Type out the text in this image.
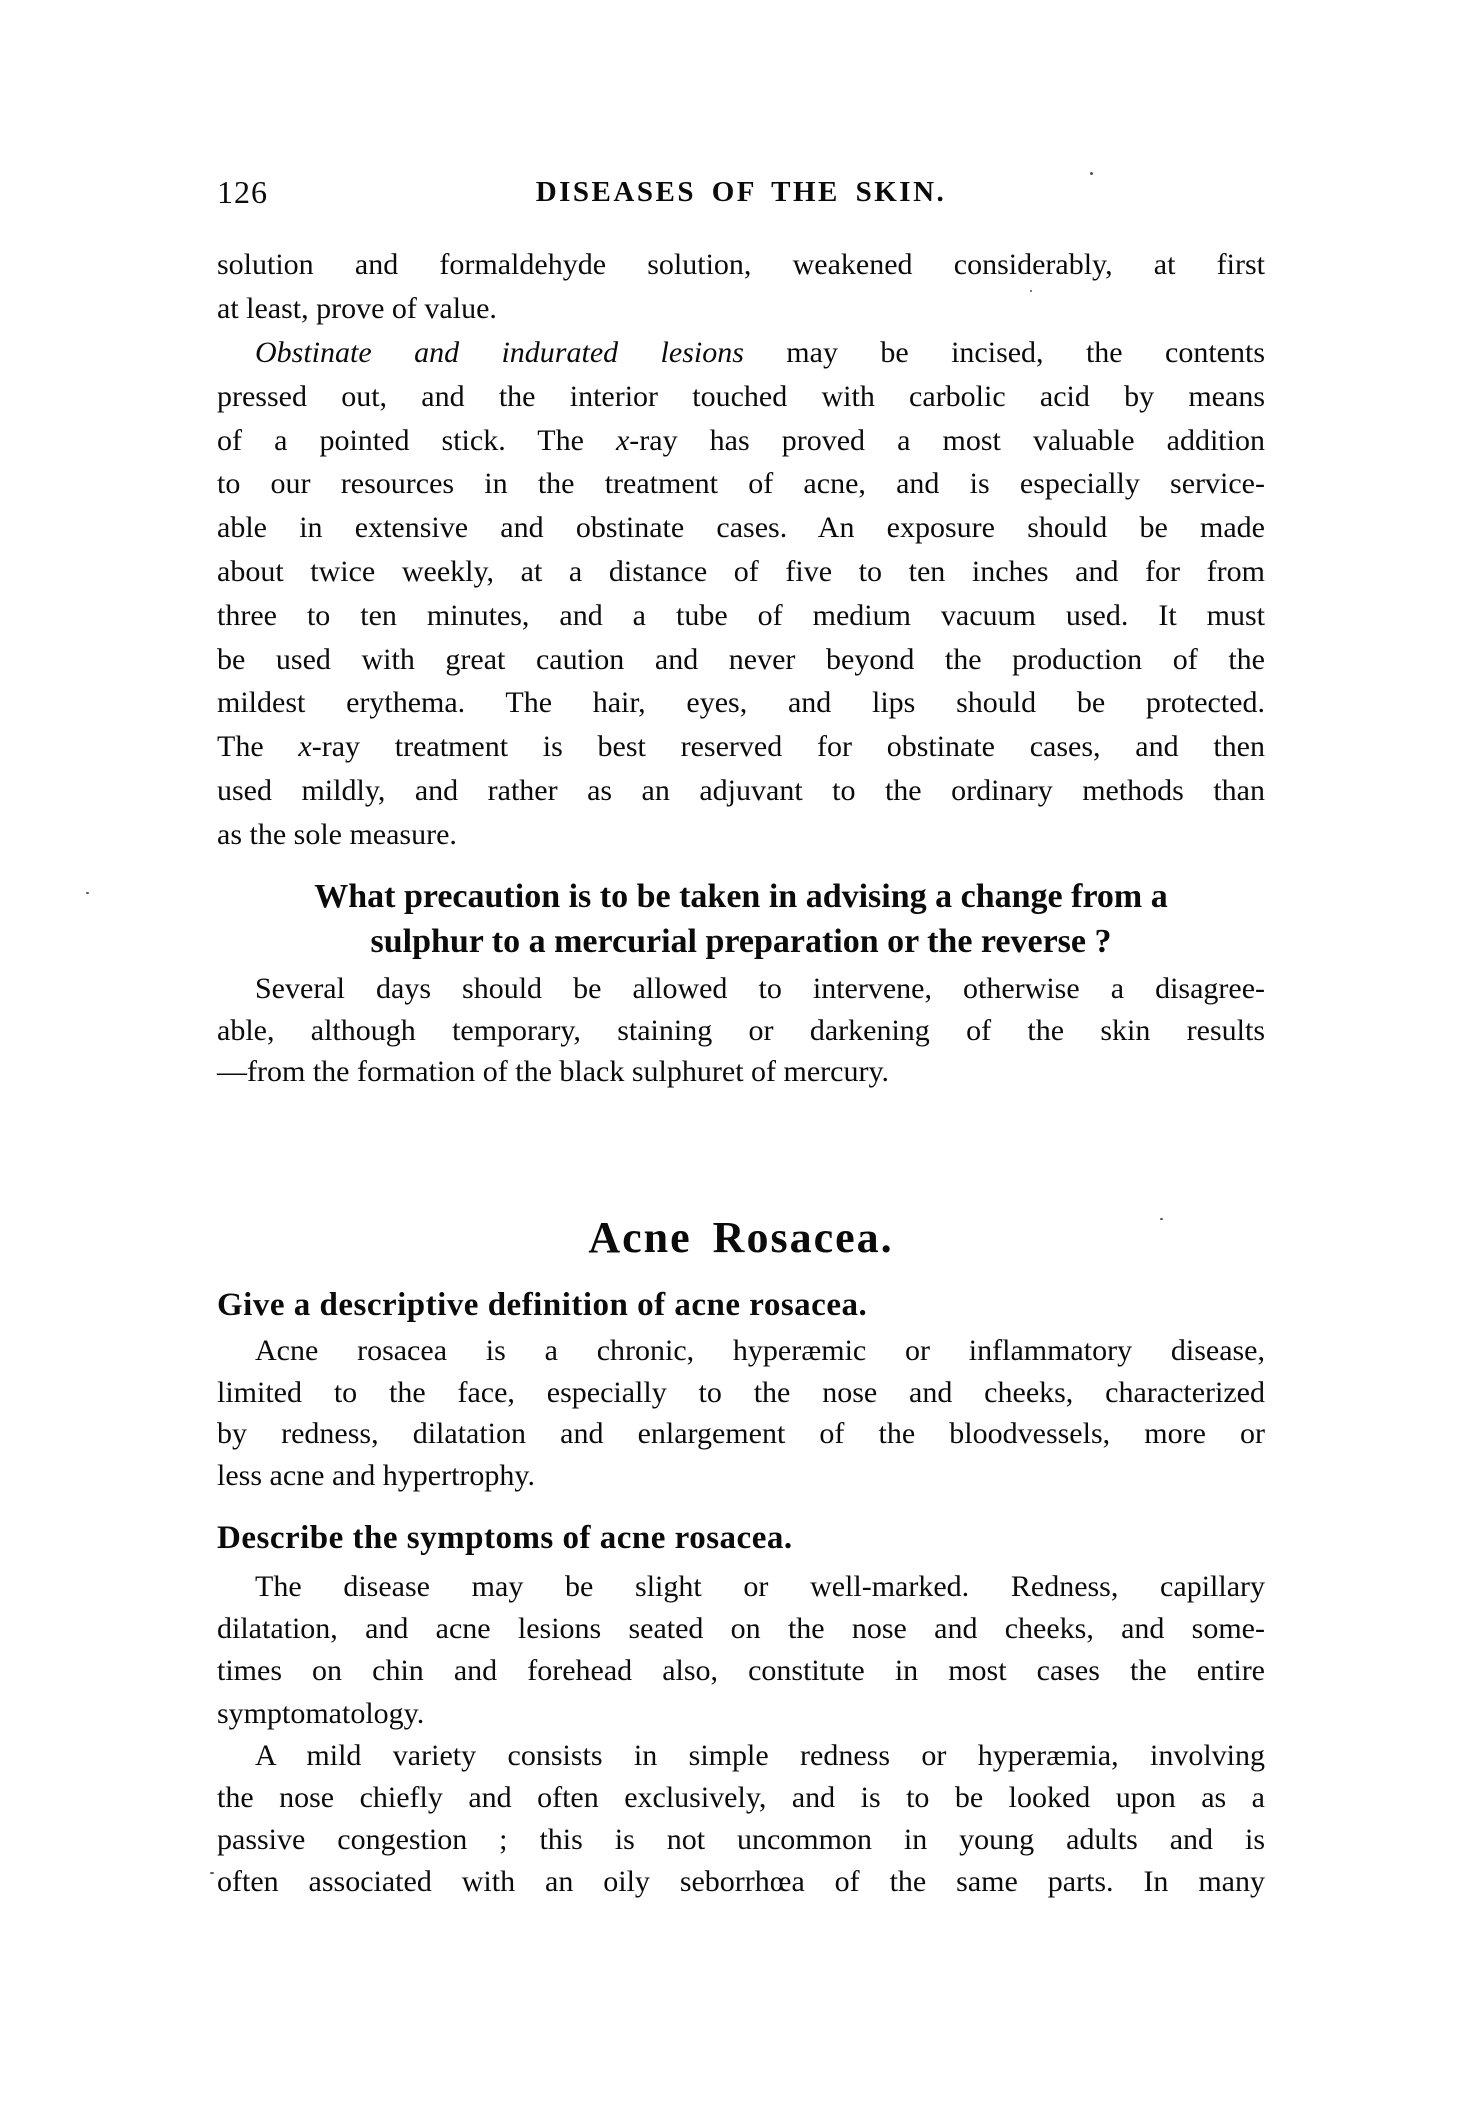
126	DISEASES OF THE SKIN.
solution and formaldehyde solution, weakened considerably, at first
at least, prove of value.
Obstinate and indurated lesions may be incised, the contents
pressed out, and the interior touched with carbolic acid by means
of a pointed stick. The x-ray has proved a most valuable addition
to our resources in the treatment of acne, and is especially service-
able in extensive and obstinate cases. An exposure should be made
about twice weekly, at a distance of five to ten inches and for from
three to ten minutes, and a tube of medium vacuum used. It must
be used with great caution and never beyond the production of the
mildest erythema. The hair, eyes, and lips should be protected.
The x-ray treatment is best reserved for obstinate cases, and then
used mildly, and rather as an adjuvant to the ordinary methods than
as the sole measure.
What precaution is to be taken in advising a change from a
sulphur to a mercurial preparation or the reverse ?
Several days should be allowed to intervene, otherwise a disagree-
able, although temporary, staining or darkening of the skin results
—from the formation of the black sulphuret of mercury.
Acne Rosacea.
Give a descriptive definition of acne rosacea.
Acne rosacea is a chronic, hyperæmic or inflammatory disease,
limited to the face, especially to the nose and cheeks, characterized
by redness, dilatation and enlargement of the bloodvessels, more or
less acne and hypertrophy.
Describe the symptoms of acne rosacea.
The disease may be slight or well-marked. Redness, capillary
dilatation, and acne lesions seated on the nose and cheeks, and some-
times on chin and forehead also, constitute in most cases the entire
symptomatology.
A mild variety consists in simple redness or hyperæmia, involving
the nose chiefly and often exclusively, and is to be looked upon as a
passive congestion ; this is not uncommon in young adults and is
often associated with an oily seborrhœa of the same parts. In many
